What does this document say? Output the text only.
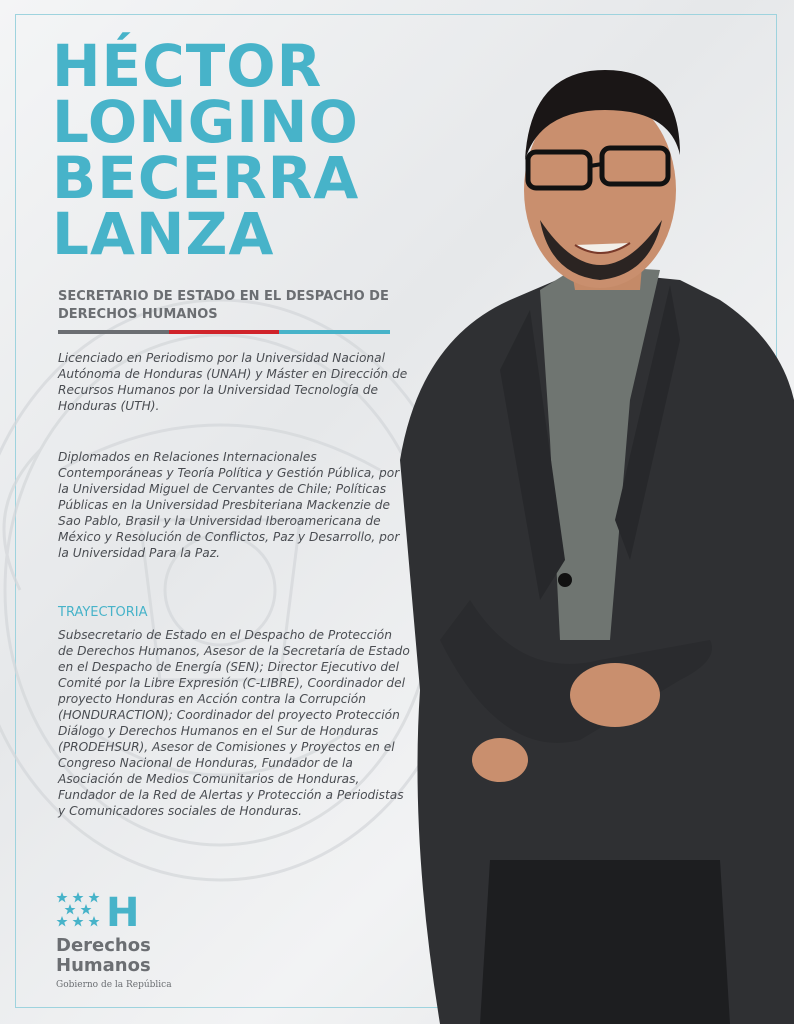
HÉCTOR
LONGINO
BECERRA
LANZA
SECRETARIO DE ESTADO EN EL DESPACHO DE DERECHOS HUMANOS

Licenciado en Periodismo por la Universidad Nacional Autónoma de Honduras (UNAH) y Máster en Dirección de Recursos Humanos por la Universidad Tecnología de Honduras (UTH).

Diplomados en Relaciones Internacionales Contemporáneas y Teoría Política y Gestión Pública, por la Universidad Miguel de Cervantes de Chile; Políticas Públicas en la Universidad Presbiteriana Mackenzie de Sao Pablo, Brasil y la Universidad Iberoamericana de México y Resolución de Conflictos, Paz y Desarrollo, por la Universidad Para la Paz.

TRAYECTORIA

Subsecretario de Estado en el Despacho de Protección de Derechos Humanos, Asesor de la Secretaría de Estado en el Despacho de Energía (SEN); Director Ejecutivo del Comité por la Libre Expresión (C-LIBRE), Coordinador del proyecto Honduras en Acción contra la Corrupción (HONDURACTION); Coordinador del proyecto Protección Diálogo y Derechos Humanos en el Sur de Honduras (PRODEHSUR), Asesor de Comisiones y Proyectos en el Congreso Nacional de Honduras, Fundador de la Asociación de Medios Comunitarios de Honduras, Fundador de la Red de Alertas y Protección a Periodistas y Comunicadores sociales de Honduras.

H
Derechos
Humanos
Gobierno de la República
